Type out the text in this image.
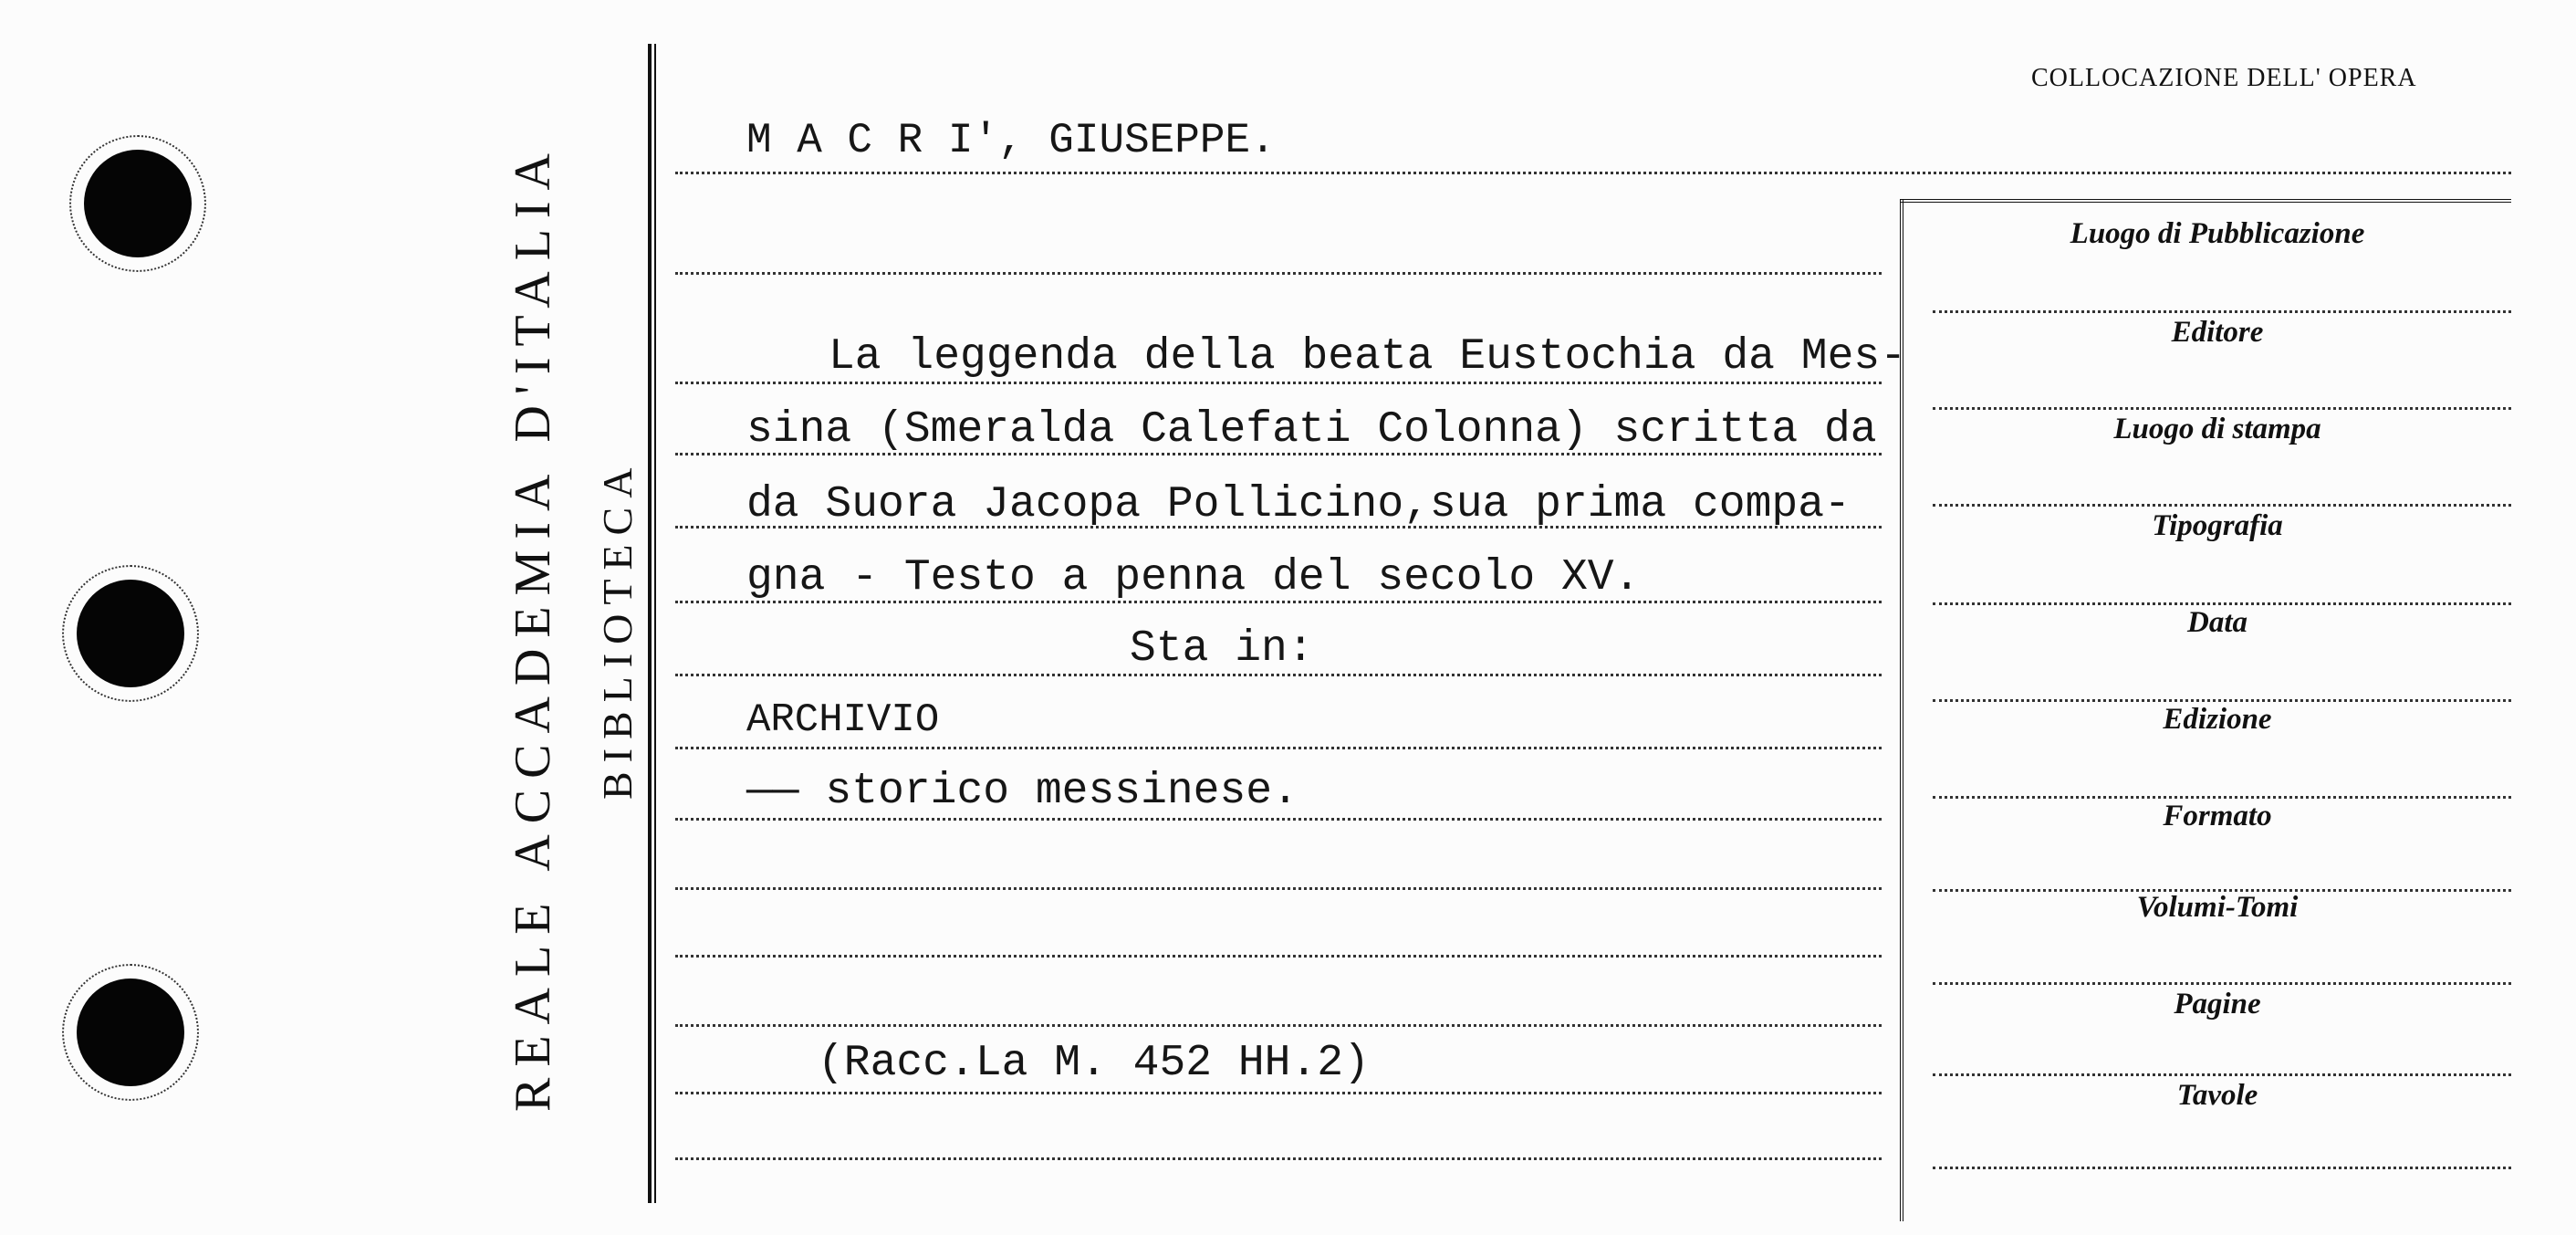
REALE ACCADEMIA D'ITALIA BIBLIOTECA
COLLOCAZIONE DELL' OPERA
M A C R I', GIUSEPPE.
La leggenda della beata Eustochia da Mes-
sina (Smeralda Calefati Colonna) scritta da
da Suora Jacopa Pollicino,sua prima compa-
gna - Testo a penna del secolo XV.
Sta in:
ARCHIVIO
—— storico messinese.
(Racc.La M. 452 HH.2)
Luogo di Pubblicazione
Editore
Luogo di stampa
Tipografia
Data
Edizione
Formato
Volumi-Tomi
Pagine
Tavole
